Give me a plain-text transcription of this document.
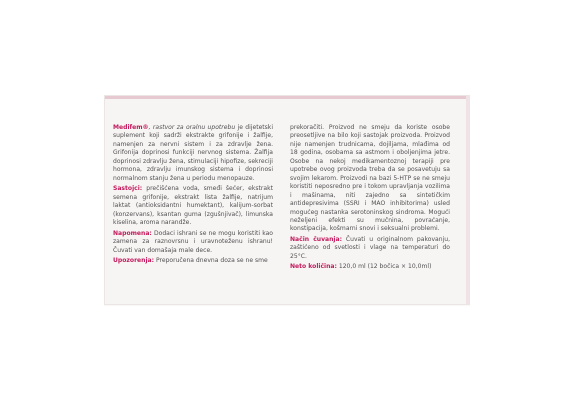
Medifem®, rastvor za oralnu upotrebu je dijetetski suplement koji sadrži ekstrakte grifonije i žalfije, namenjen za nervni sistem i za zdravlje žena. Grifonija doprinosi funkciji nervnog sistema. Žalfija doprinosi zdravlju žena, stimulaciji hipofize, sekreciji hormona, zdravlju imunskog sistema i doprinosi normalnom stanju žena u periodu menopauze.

Sastojci: prečišćena voda, smeđi šećer, ekstrakt semena grifonije, ekstrakt lista žalfije, natrijum laktat (antioksidantni humektant), kalijum-sorbat (konzervans), ksantan guma (zgušnjivač), limunska kiselina, aroma narandže.

Napomena: Dodaci ishrani se ne mogu koristiti kao zamena za raznovrsnu i uravnoteženu ishranu! Čuvati van domašaja male dece.

Upozorenja: Preporučena dnevna doza se ne sme

prekoračiti. Proizvod ne smeju da koriste osobe preosetljive na bilo koji sastojak proizvoda. Proizvod nije namenjen trudnicama, dojiljama, mlađima od 18 godina, osobama sa astmom i oboljenjima jetre. Osobe na nekoj medikamentoznoj terapiji pre upotrebe ovog proizvoda treba da se posavetuju sa svojim lekarom. Proizvodi na bazi 5-HTP se ne smeju koristiti neposredno pre i tokom upravljanja vozilima i mašinama, niti zajedno sa sintetičkim antidepresivima (SSRI i MAO inhibitorima) usled mogućeg nastanka serotoninskog sindroma. Mogući neželjeni efekti su mučnina, povraćanje, konstipacija, košmarni snovi i seksualni problemi.

Način čuvanja: Čuvati u originalnom pakovanju, zaštićeno od svetlosti i vlage na temperaturi do 25°C.

Neto količina: 120,0 ml (12 bočica × 10,0ml)
